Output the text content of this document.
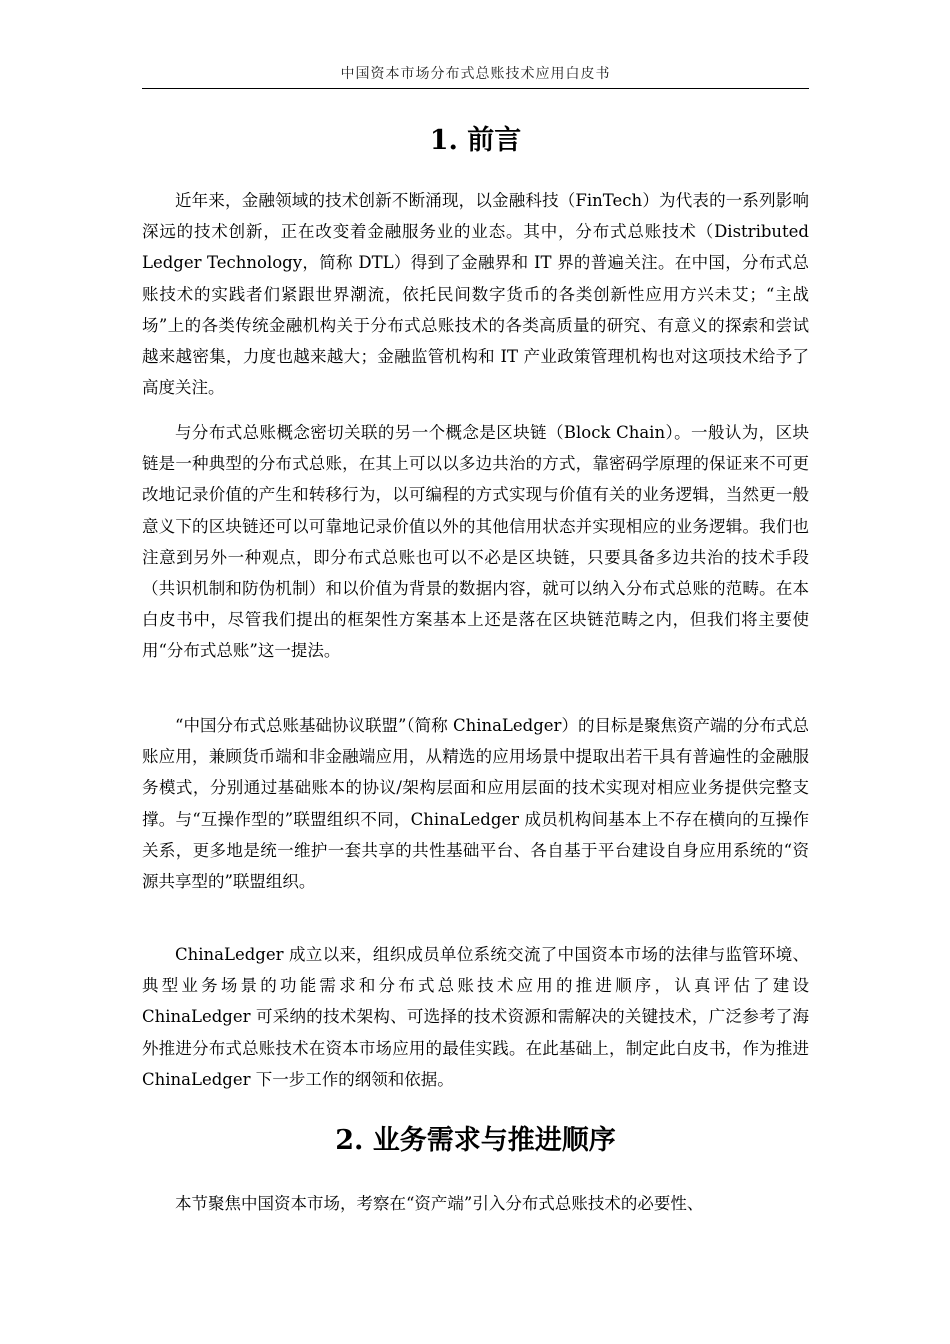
中国资本市场分布式总账技术应用白皮书
1. 前言

近年来，金融领域的技术创新不断涌现，以金融科技（FinTech）为代表的一系列影响深远的技术创新，正在改变着金融服务业的业态。其中，分布式总账技术（Distributed Ledger Technology，简称 DTL）得到了金融界和 IT 界的普遍关注。在中国，分布式总账技术的实践者们紧跟世界潮流，依托民间数字货币的各类创新性应用方兴未艾；“主战场”上的各类传统金融机构关于分布式总账技术的各类高质量的研究、有意义的探索和尝试越来越密集，力度也越来越大；金融监管机构和 IT 产业政策管理机构也对这项技术给予了高度关注。

与分布式总账概念密切关联的另一个概念是区块链（Block Chain）。一般认为，区块链是一种典型的分布式总账，在其上可以以多边共治的方式，靠密码学原理的保证来不可更改地记录价值的产生和转移行为，以可编程的方式实现与价值有关的业务逻辑，当然更一般意义下的区块链还可以可靠地记录价值以外的其他信用状态并实现相应的业务逻辑。我们也注意到另外一种观点，即分布式总账也可以不必是区块链，只要具备多边共治的技术手段（共识机制和防伪机制）和以价值为背景的数据内容，就可以纳入分布式总账的范畴。在本白皮书中，尽管我们提出的框架性方案基本上还是落在区块链范畴之内，但我们将主要使用“分布式总账”这一提法。

“中国分布式总账基础协议联盟”（简称 ChinaLedger）的目标是聚焦资产端的分布式总账应用，兼顾货币端和非金融端应用，从精选的应用场景中提取出若干具有普遍性的金融服务模式，分别通过基础账本的协议/架构层面和应用层面的技术实现对相应业务提供完整支撑。与“互操作型的”联盟组织不同，ChinaLedger 成员机构间基本上不存在横向的互操作关系，更多地是统一维护一套共享的共性基础平台、各自基于平台建设自身应用系统的“资源共享型的”联盟组织。

ChinaLedger 成立以来，组织成员单位系统交流了中国资本市场的法律与监管环境、典型业务场景的功能需求和分布式总账技术应用的推进顺序，认真评估了建设 ChinaLedger 可采纳的技术架构、可选择的技术资源和需解决的关键技术，广泛参考了海外推进分布式总账技术在资本市场应用的最佳实践。在此基础上，制定此白皮书，作为推进 ChinaLedger 下一步工作的纲领和依据。

2. 业务需求与推进顺序

本节聚焦中国资本市场，考察在“资产端”引入分布式总账技术的必要性、
